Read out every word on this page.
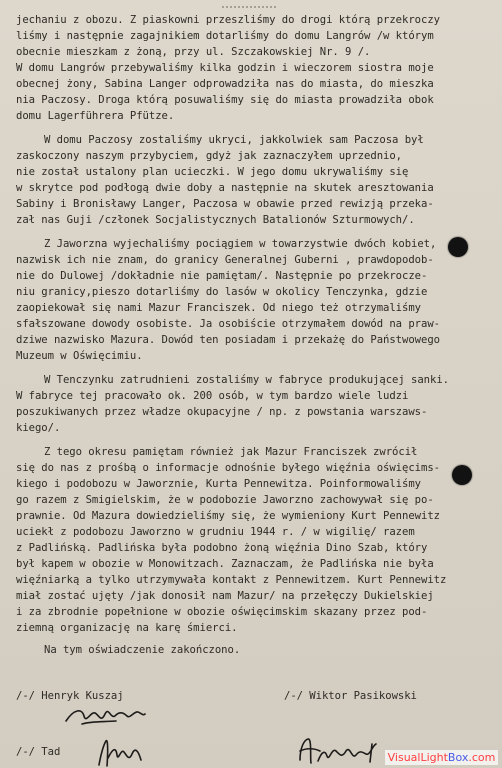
jechaniu z obozu. Z piaskowni przeszliśmy do drogi którą przekroczy
liśmy i następnie zagajnikiem dotarliśmy do domu Langrów /w którym
obecnie mieszkam z żoną, przy ul. Szczakowskiej Nr. 9 /.
W domu Langrów przebywaliśmy kilka godzin i wieczorem siostra moje
obecnej żony, Sabina Langer odprowadziła nas do miasta, do mieszka
nia Paczosy. Droga którą posuwaliśmy się do miasta prowadziła obok
domu Lagerführera Pfütze.
W domu Paczosy zostaliśmy ukryci, jakkolwiek sam Paczosa był
zaskoczony naszym przybyciem, gdyż jak zaznaczyłem uprzednio,
nie został ustalony plan ucieczki. W jego domu ukrywaliśmy się
w skrytce pod podłogą dwie doby a następnie na skutek aresztowania
Sabiny i Bronisławy Langer, Paczosa w obawie przed rewizją przeka-
zał nas Guji /członek Socjalistycznych Batalionów Szturmowych/.
Z Jaworzna wyjechaliśmy pociągiem w towarzystwie dwóch kobiet,
nazwisk ich nie znam, do granicy Generalnej Guberni , prawdopodob-
nie do Dulowej /dokładnie nie pamiętam/. Następnie po przekrocze-
niu granicy,pieszo dotarliśmy do lasów w okolicy Tenczynka, gdzie
zaopiekował się nami Mazur Franciszek. Od niego też otrzymaliśmy
sfałszowane dowody osobiste. Ja osobiście otrzymałem dowód na praw-
dziwe nazwisko Mazura. Dowód ten posiadam i przekażę do Państwowego
Muzeum w Oświęcimiu.
W Tenczynku zatrudnieni zostaliśmy w fabryce produkującej sanki.
W fabryce tej pracowało ok. 200 osób, w tym bardzo wiele ludzi
poszukiwanych przez władze okupacyjne / np. z powstania warszaws-
kiego/.
Z tego okresu pamiętam również jak Mazur Franciszek zwrócił
się do nas z prośbą o informacje odnośnie byłego więźnia oświęcims-
kiego i podobozu w Jaworznie, Kurta Pennewitza. Poinformowaliśmy
go razem z Smigielskim, że w podobozie Jaworzno zachowywał się po-
prawnie. Od Mazura dowiedzieliśmy się, że wymieniony Kurt Pennewitz
uciekł z podobozu Jaworzno w grudniu 1944 r. / w wigilię/ razem
z Padlińską. Padlińska była podobno żoną więźnia Dino Szab, który
był kapem w obozie w Monowitzach. Zaznaczam, że Padlińska nie była
więźniarką a tylko utrzymywała kontakt z Pennewitzem. Kurt Pennewitz
miał zostać ujęty /jak donosił nam Mazur/ na przełęczy Dukielskiej
i za zbrodnie popełnione w obozie oświęcimskim skazany przez pod-
ziemną organizację na karę śmierci.
Na tym oświadczenie zakończono.
/-/ Henryk Kuszaj	/-/ Wiktor Pasikowski
/-/ Tad	VisualLightBox.com
